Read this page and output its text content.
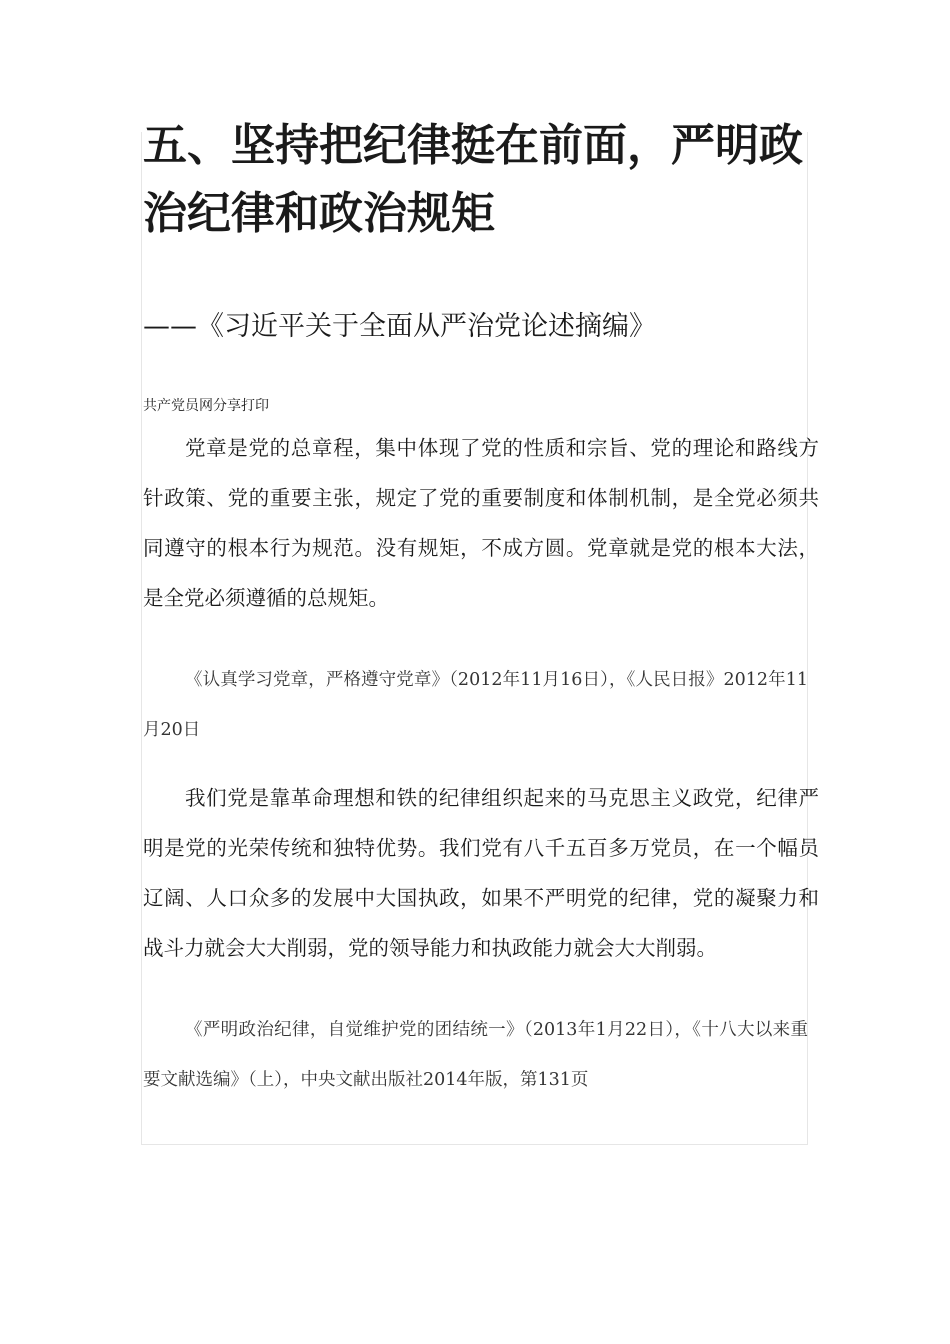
五、坚持把纪律挺在前面，严明政治纪律和政治规矩
——《习近平关于全面从严治党论述摘编》
共产党员网分享打印

党章是党的总章程，集中体现了党的性质和宗旨、党的理论和路线方针政策、党的重要主张，规定了党的重要制度和体制机制，是全党必须共同遵守的根本行为规范。没有规矩，不成方圆。党章就是党的根本大法，是全党必须遵循的总规矩。

《认真学习党章，严格遵守党章》（2012年11月16日），《人民日报》2012年11月20日

我们党是靠革命理想和铁的纪律组织起来的马克思主义政党，纪律严明是党的光荣传统和独特优势。我们党有八千五百多万党员，在一个幅员辽阔、人口众多的发展中大国执政，如果不严明党的纪律，党的凝聚力和战斗力就会大大削弱，党的领导能力和执政能力就会大大削弱。

《严明政治纪律，自觉维护党的团结统一》（2013年1月22日），《十八大以来重要文献选编》（上），中央文献出版社2014年版，第131页
